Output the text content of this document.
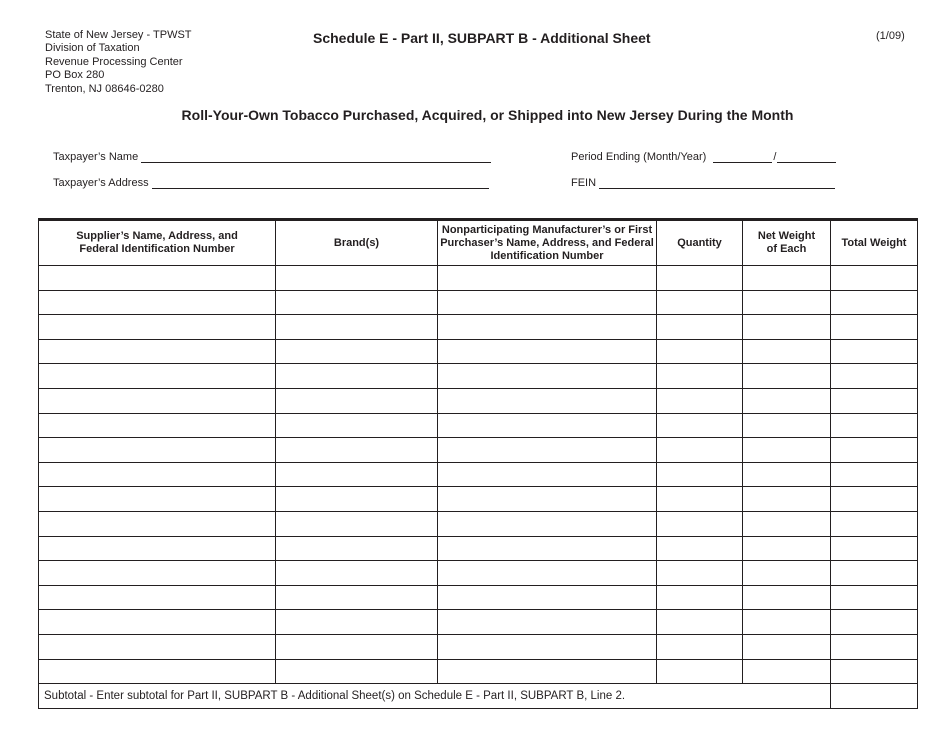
State of New Jersey - TPWST
Division of Taxation
Revenue Processing Center
PO Box 280
Trenton, NJ 08646-0280
Schedule E - Part II, SUBPART B - Additional Sheet	(1/09)
Roll-Your-Own Tobacco Purchased, Acquired, or Shipped into New Jersey During the Month
Taxpayer’s Name
Taxpayer’s Address
Period Ending (Month/Year)	/
FEIN
Supplier’s Name, Address, and Federal Identification Number	Brand(s)	Nonparticipating Manufacturer’s or First Purchaser’s Name, Address, and Federal Identification Number	Quantity	Net Weight of Each	Total Weight

Subtotal - Enter subtotal for Part II, SUBPART B - Additional Sheet(s) on Schedule E - Part II, SUBPART B, Line 2.					
